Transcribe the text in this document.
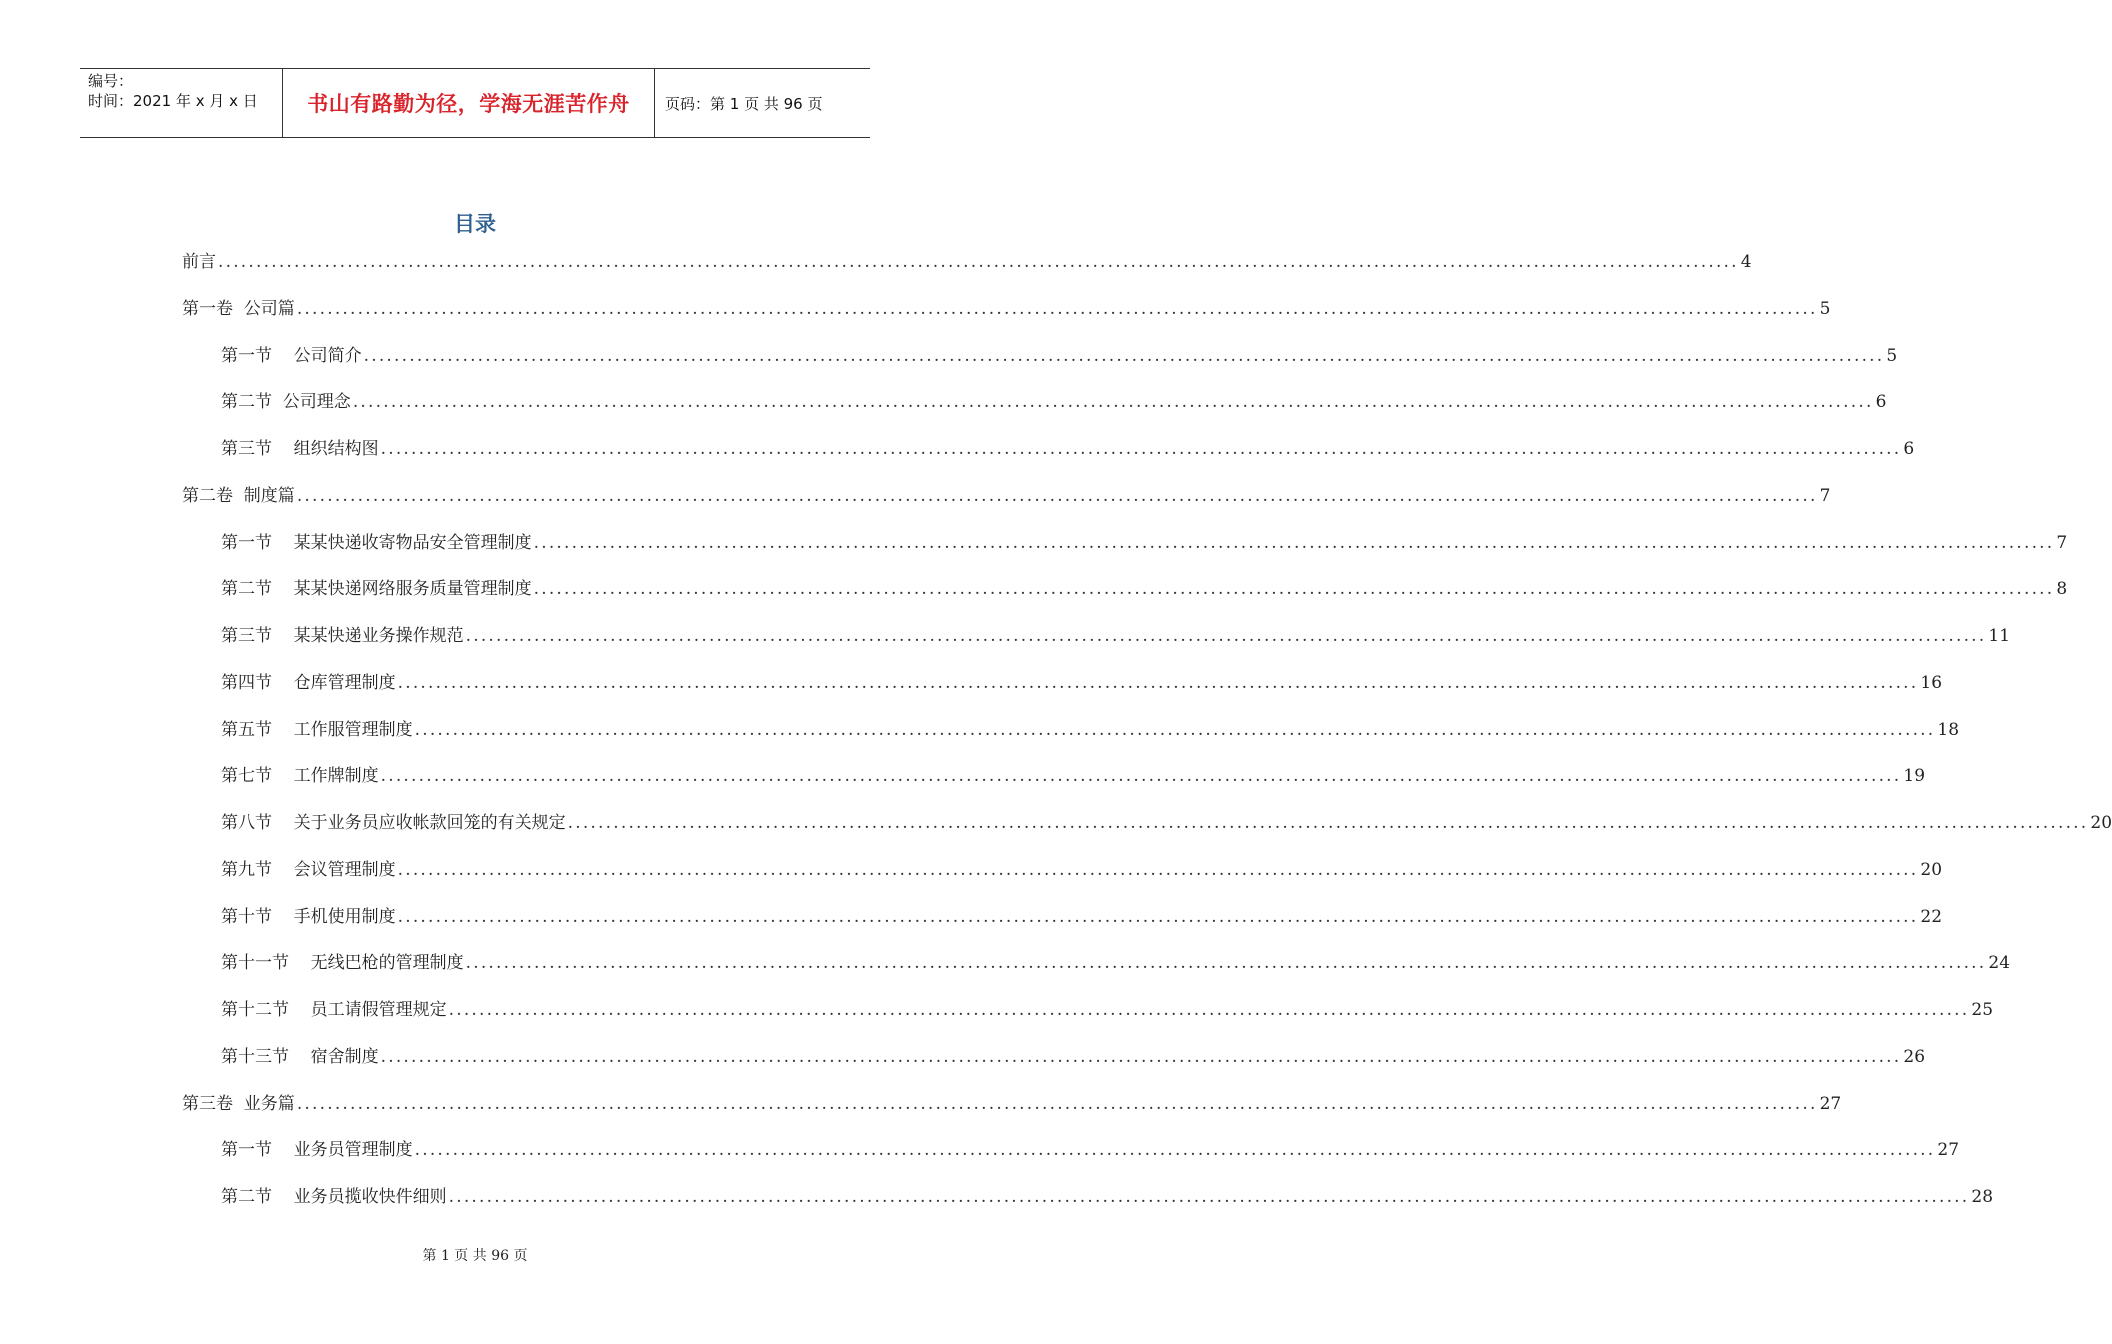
编号：
时间：2021 年 x 月 x 日	书山有路勤为径，学海无涯苦作舟	页码：第 1 页 共 96 页
目录
前言 ........................................................................................................................................................................................................ 4
第一卷  公司篇 ........................................................................................................................................................................................................ 5
第一节    公司简介 ........................................................................................................................................................................................................ 5
第二节  公司理念 ........................................................................................................................................................................................................ 6
第三节    组织结构图 ........................................................................................................................................................................................................ 6
第二卷  制度篇 ........................................................................................................................................................................................................ 7
第一节    某某快递收寄物品安全管理制度 ........................................................................................................................................................................................................ 7
第二节    某某快递网络服务质量管理制度 ........................................................................................................................................................................................................ 8
第三节    某某快递业务操作规范 ........................................................................................................................................................................................................ 11
第四节    仓库管理制度 ........................................................................................................................................................................................................ 16
第五节    工作服管理制度 ........................................................................................................................................................................................................ 18
第七节    工作牌制度 ........................................................................................................................................................................................................ 19
第八节    关于业务员应收帐款回笼的有关规定 ........................................................................................................................................................................................................ 20
第九节    会议管理制度 ........................................................................................................................................................................................................ 20
第十节    手机使用制度 ........................................................................................................................................................................................................ 22
第十一节    无线巴枪的管理制度 ........................................................................................................................................................................................................ 24
第十二节    员工请假管理规定 ........................................................................................................................................................................................................ 25
第十三节    宿舍制度 ........................................................................................................................................................................................................ 26
第三卷  业务篇 ........................................................................................................................................................................................................ 27
第一节    业务员管理制度 ........................................................................................................................................................................................................ 27
第二节    业务员揽收快件细则 ........................................................................................................................................................................................................ 28
第 1 页 共 96 页
